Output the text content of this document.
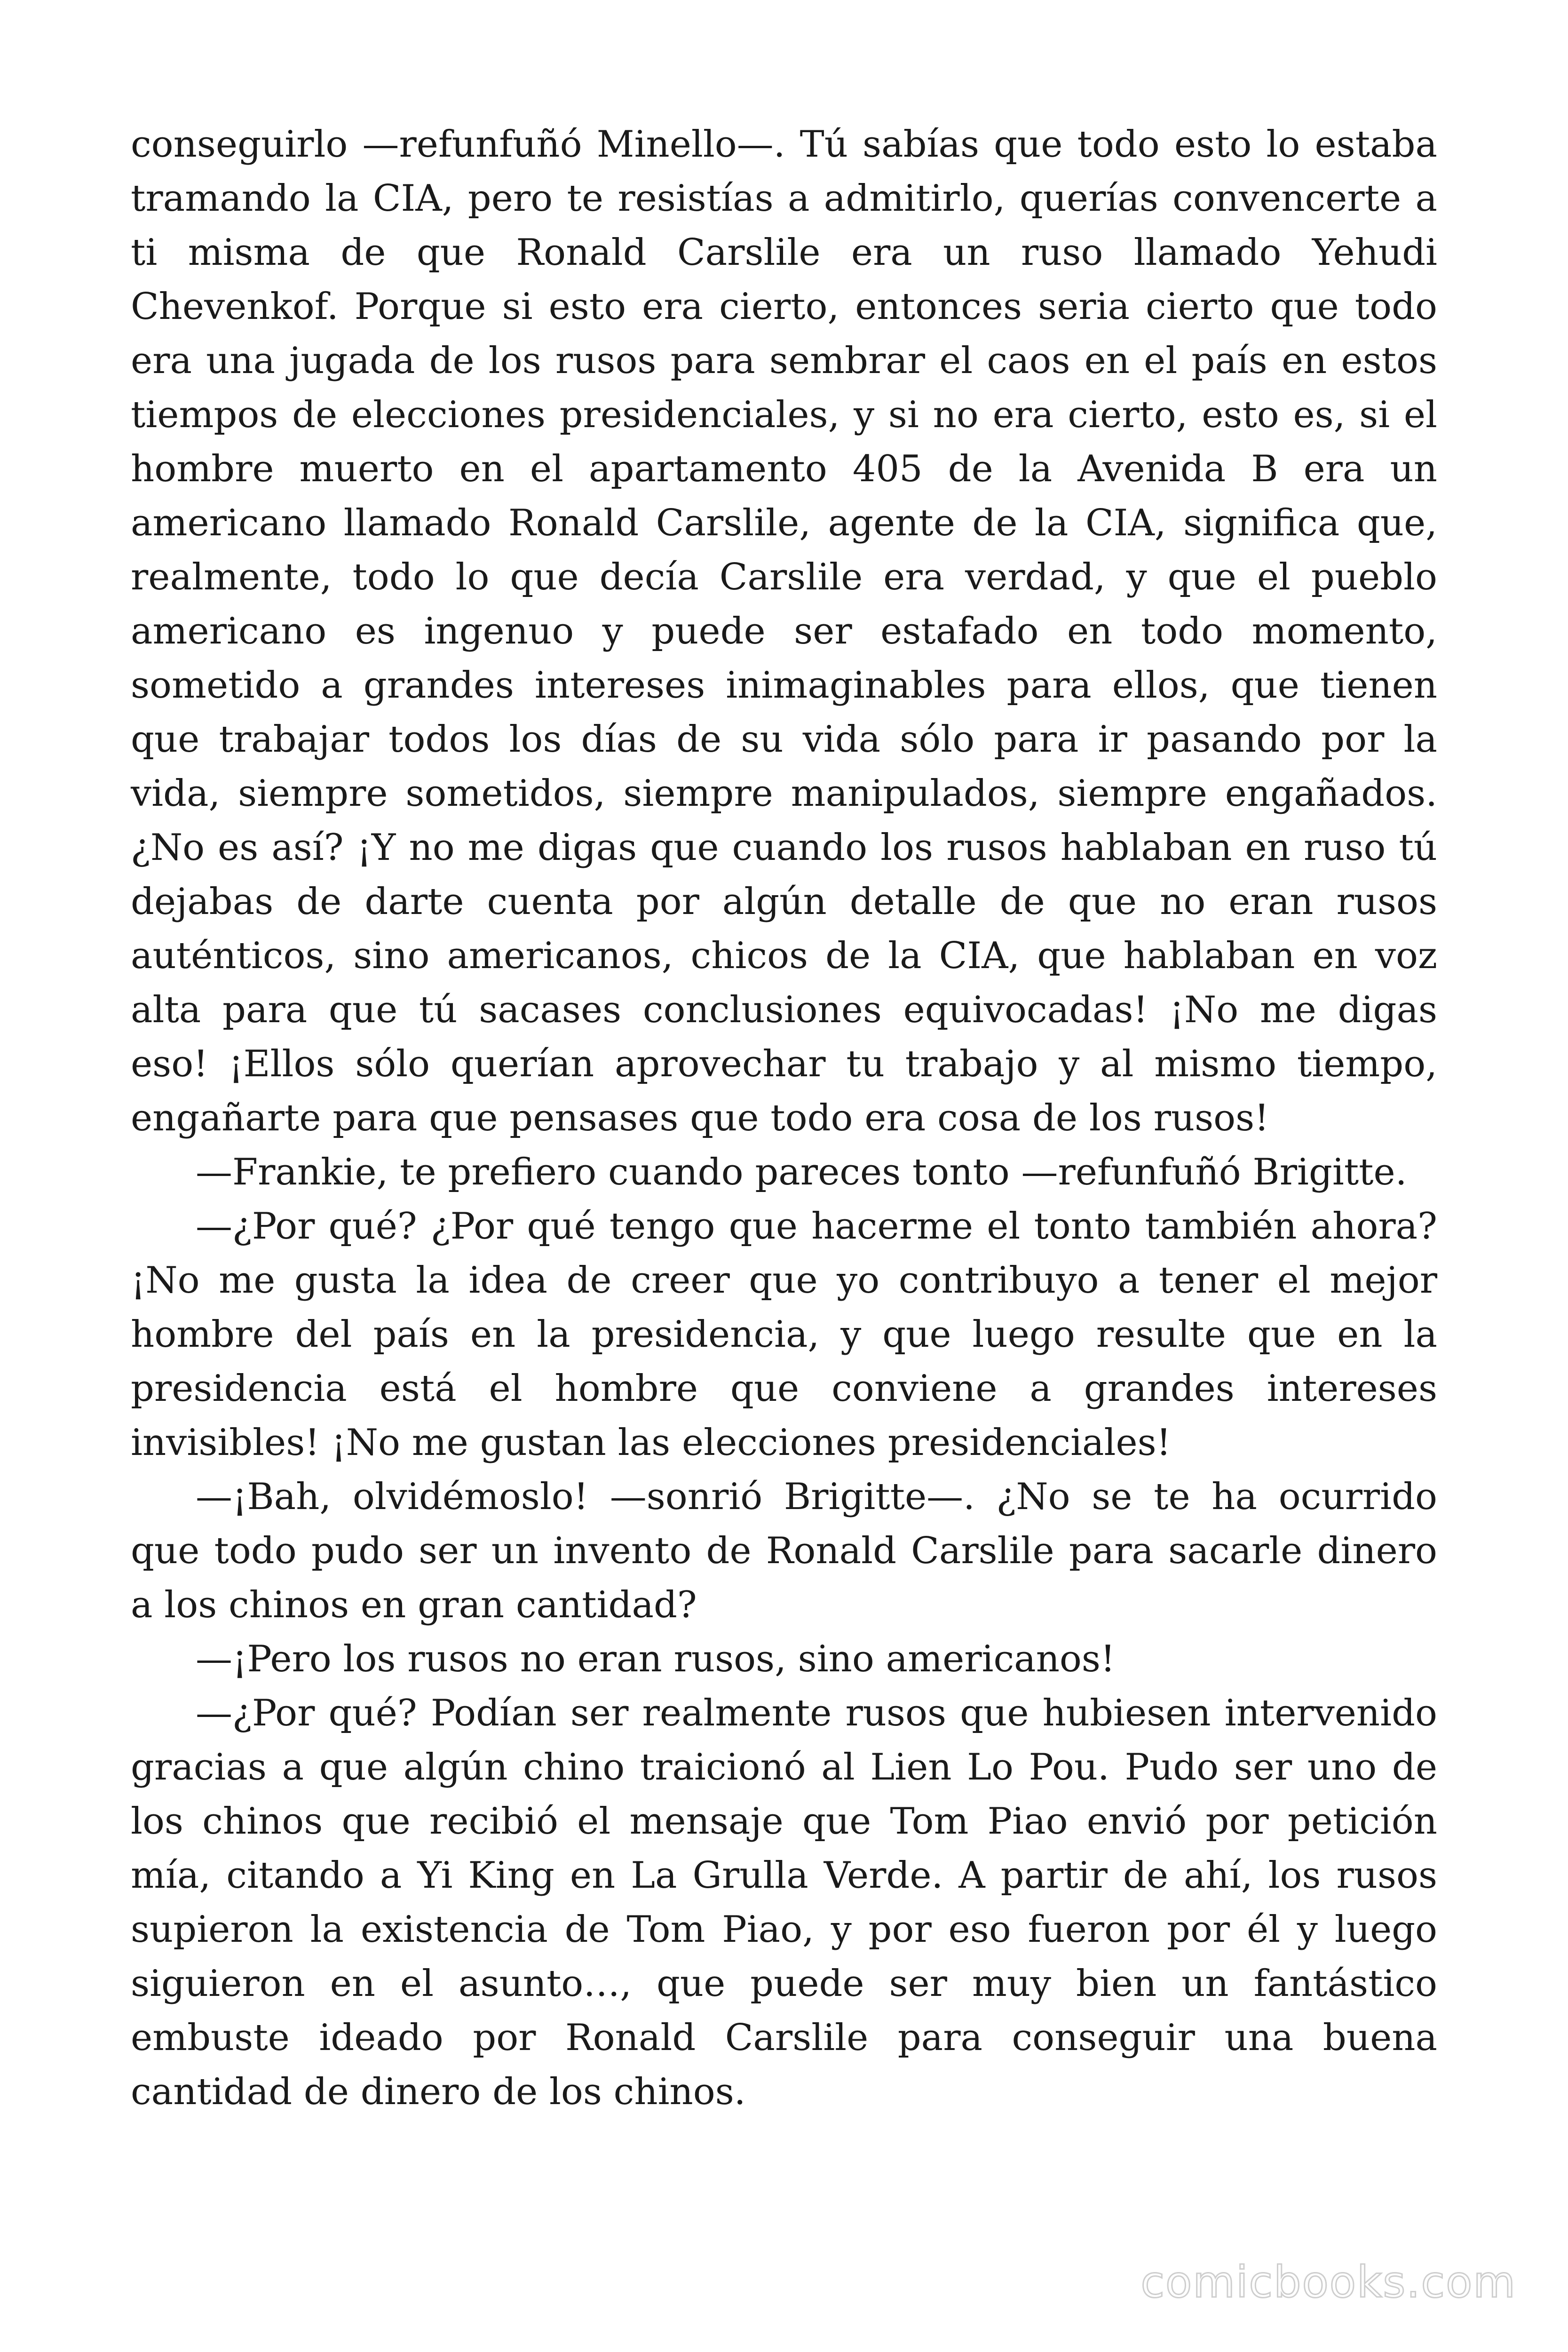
conseguirlo —refunfuñó Minello—. Tú sabías que todo esto lo estaba tramando la CIA, pero te resistías a admitirlo, querías convencerte a ti misma de que Ronald Carslile era un ruso llamado Yehudi Chevenkof. Porque si esto era cierto, entonces seria cierto que todo era una jugada de los rusos para sembrar el caos en el país en estos tiempos de elecciones presidenciales, y si no era cierto, esto es, si el hombre muerto en el apartamento 405 de la Avenida B era un americano llamado Ronald Carslile, agente de la CIA, significa que, realmente, todo lo que decía Carslile era verdad, y que el pueblo americano es ingenuo y puede ser estafado en todo momento, sometido a grandes intereses inimaginables para ellos, que tienen que trabajar todos los días de su vida sólo para ir pasando por la vida, siempre sometidos, siempre manipulados, siempre engañados. ¿No es así? ¡Y no me digas que cuando los rusos hablaban en ruso tú dejabas de darte cuenta por algún detalle de que no eran rusos auténticos, sino americanos, chicos de la CIA, que hablaban en voz alta para que tú sacases conclusiones equivocadas! ¡No me digas eso! ¡Ellos sólo querían aprovechar tu trabajo y al mismo tiempo, engañarte para que pensases que todo era cosa de los rusos!

—Frankie, te prefiero cuando pareces tonto —refunfuñó Brigitte.

—¿Por qué? ¿Por qué tengo que hacerme el tonto también ahora? ¡No me gusta la idea de creer que yo contribuyo a tener el mejor hombre del país en la presidencia, y que luego resulte que en la presidencia está el hombre que conviene a grandes intereses invisibles! ¡No me gustan las elecciones presidenciales!

—¡Bah, olvidémoslo! —sonrió Brigitte—. ¿No se te ha ocurrido que todo pudo ser un invento de Ronald Carslile para sacarle dinero a los chinos en gran cantidad?

—¡Pero los rusos no eran rusos, sino americanos!

—¿Por qué? Podían ser realmente rusos que hubiesen intervenido gracias a que algún chino traicionó al Lien Lo Pou. Pudo ser uno de los chinos que recibió el mensaje que Tom Piao envió por petición mía, citando a Yi King en La Grulla Verde. A partir de ahí, los rusos supieron la existencia de Tom Piao, y por eso fueron por él y luego siguieron en el asunto…, que puede ser muy bien un fantástico embuste ideado por Ronald Carslile para conseguir una buena cantidad de dinero de los chinos.

comicbooks.com
